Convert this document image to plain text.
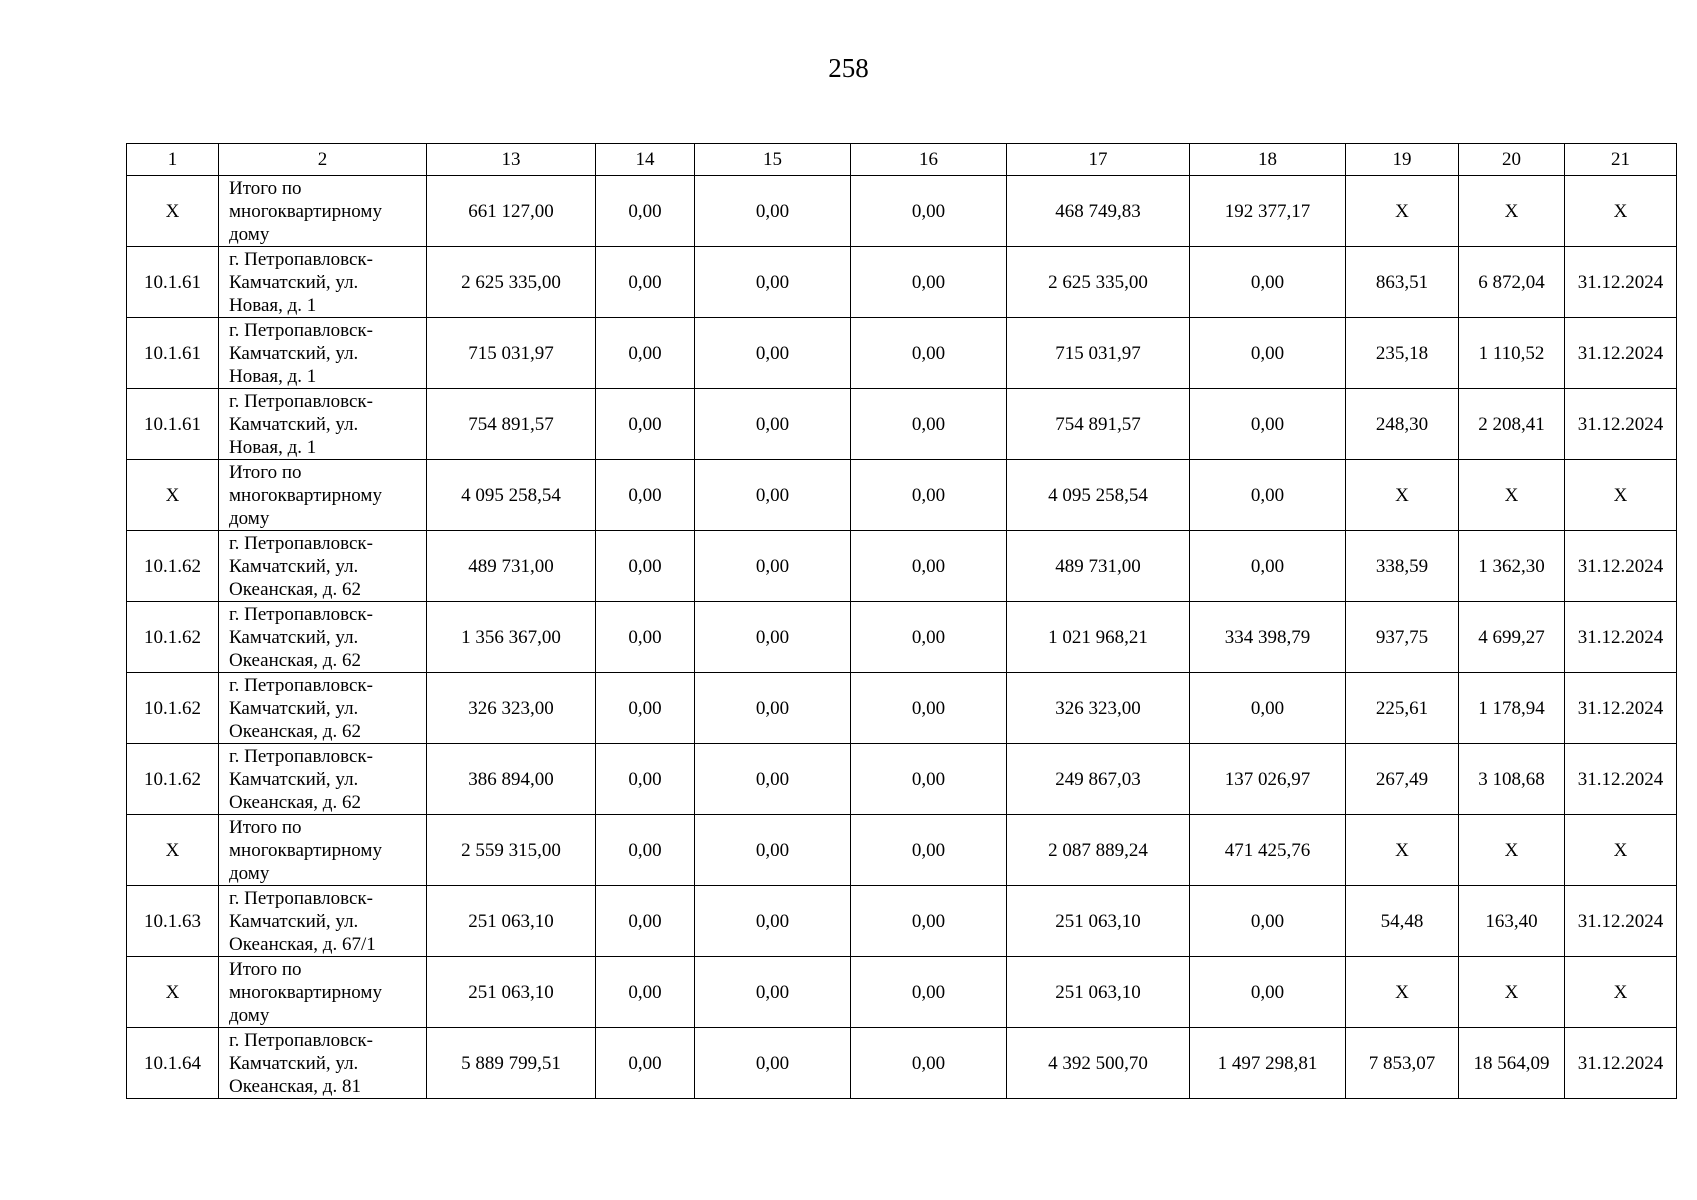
258
1	2	13	14	15	16	17	18	19	20	21
Х	Итого по
многоквартирному
дому	661 127,00	0,00	0,00	0,00	468 749,83	192 377,17	Х	Х	Х
10.1.61	г. Петропавловск-
Камчатский, ул.
Новая, д. 1	2 625 335,00	0,00	0,00	0,00	2 625 335,00	0,00	863,51	6 872,04	31.12.2024
10.1.61	г. Петропавловск-
Камчатский, ул.
Новая, д. 1	715 031,97	0,00	0,00	0,00	715 031,97	0,00	235,18	1 110,52	31.12.2024
10.1.61	г. Петропавловск-
Камчатский, ул.
Новая, д. 1	754 891,57	0,00	0,00	0,00	754 891,57	0,00	248,30	2 208,41	31.12.2024
Х	Итого по
многоквартирному
дому	4 095 258,54	0,00	0,00	0,00	4 095 258,54	0,00	Х	Х	Х
10.1.62	г. Петропавловск-
Камчатский, ул.
Океанская, д. 62	489 731,00	0,00	0,00	0,00	489 731,00	0,00	338,59	1 362,30	31.12.2024
10.1.62	г. Петропавловск-
Камчатский, ул.
Океанская, д. 62	1 356 367,00	0,00	0,00	0,00	1 021 968,21	334 398,79	937,75	4 699,27	31.12.2024
10.1.62	г. Петропавловск-
Камчатский, ул.
Океанская, д. 62	326 323,00	0,00	0,00	0,00	326 323,00	0,00	225,61	1 178,94	31.12.2024
10.1.62	г. Петропавловск-
Камчатский, ул.
Океанская, д. 62	386 894,00	0,00	0,00	0,00	249 867,03	137 026,97	267,49	3 108,68	31.12.2024
Х	Итого по
многоквартирному
дому	2 559 315,00	0,00	0,00	0,00	2 087 889,24	471 425,76	Х	Х	Х
10.1.63	г. Петропавловск-
Камчатский, ул.
Океанская, д. 67/1	251 063,10	0,00	0,00	0,00	251 063,10	0,00	54,48	163,40	31.12.2024
Х	Итого по
многоквартирному
дому	251 063,10	0,00	0,00	0,00	251 063,10	0,00	Х	Х	Х
10.1.64	г. Петропавловск-
Камчатский, ул.
Океанская, д. 81	5 889 799,51	0,00	0,00	0,00	4 392 500,70	1 497 298,81	7 853,07	18 564,09	31.12.2024
